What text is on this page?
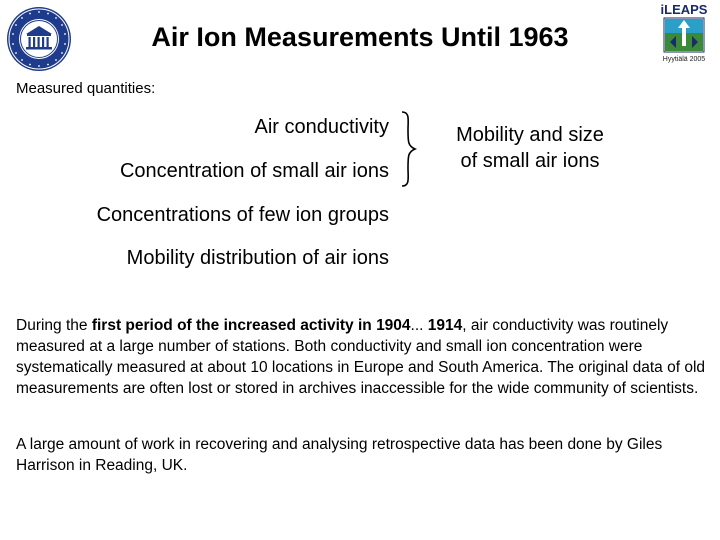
Air Ion Measurements Until 1963
iLEAPS
Hyytiälä 2005
Measured quantities:
Air conductivity
Concentration of small air ions
Concentrations of few ion groups
Mobility distribution of air ions
Mobility and size
of small air ions
During the first period of the increased activity in 1904... 1914, air conductivity was routinely measured at a large number of stations. Both conductivity and small ion concentration were systematically measured at about 10 locations in Europe and South America. The original data of old measurements are often lost or stored in archives inaccessible for the wide community of scientists.
A large amount of work in recovering and analysing retrospective data has been done by Giles Harrison in Reading, UK.
